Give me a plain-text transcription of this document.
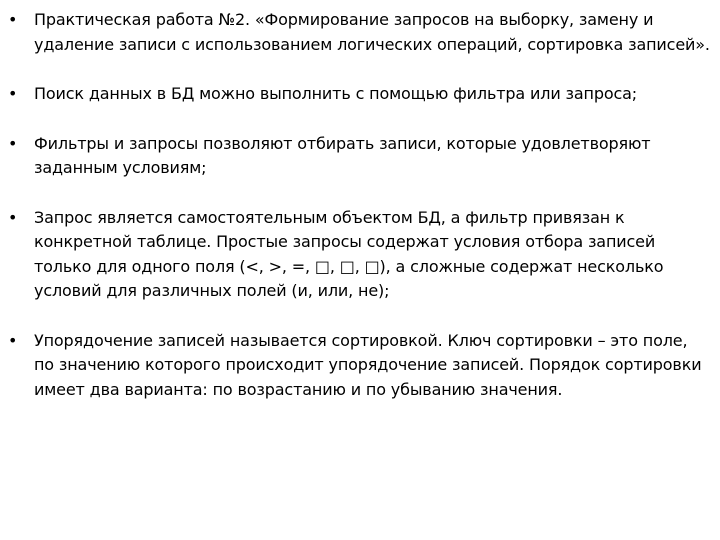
• Практическая работа №2. «Формирование запросов на выборку, замену и удаление записи с использованием логических операций, сортировка записей».
• Поиск данных в БД можно выполнить с помощью фильтра или запроса;
• Фильтры и запросы позволяют отбирать записи, которые удовлетворяют заданным условиям;
• Запрос является самостоятельным объектом БД, а фильтр привязан к конкретной таблице. Простые запросы содержат условия отбора записей только для одного поля (<, >, =, □, □, □), а сложные содержат несколько условий для различных полей (и, или, не);
• Упорядочение записей называется сортировкой. Ключ сортировки – это поле, по значению которого происходит упорядочение записей. Порядок сортировки имеет два варианта: по возрастанию и по убыванию значения.
